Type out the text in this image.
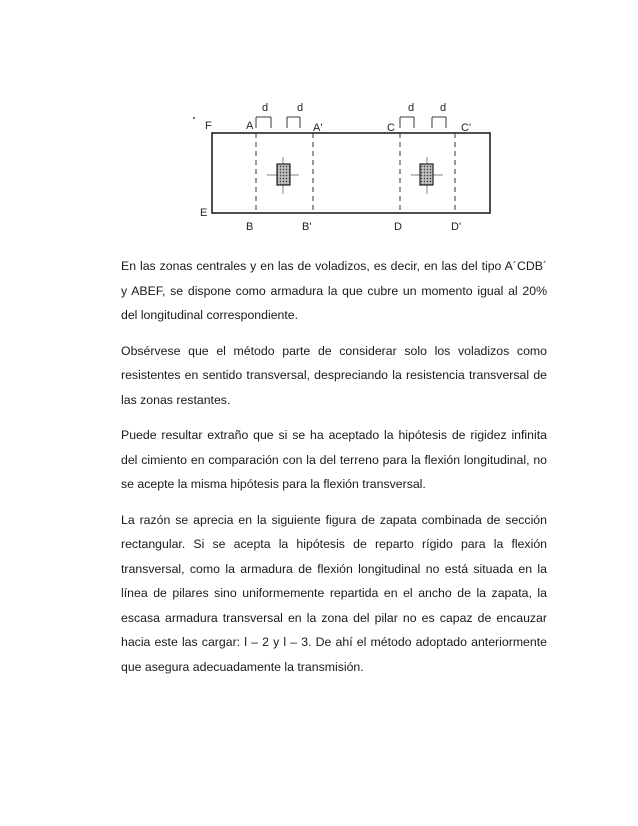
d	d	d d
F	A	A'	C	C'
E
B	B'	D	D'

En las zonas centrales y en las de voladizos, es decir, en las del tipo A´CDB´ y ABEF, se dispone como armadura la que cubre un momento igual al 20% del longitudinal correspondiente.

Obsérvese que el método parte de considerar solo los voladizos como resistentes en sentido transversal, despreciando la resistencia transversal de las zonas restantes.

Puede resultar extraño que si se ha aceptado la hipótesis de rigidez infinita del cimiento en comparación con la del terreno para la flexión longitudinal, no se acepte la misma hipótesis para la flexión transversal.

La razón se aprecia en la siguiente figura de zapata combinada de sección rectangular. Si se acepta la hipótesis de reparto rígido para la flexión transversal, como la armadura de flexión longitudinal no está situada en la línea de pilares sino uniformemente repartida en el ancho de la zapata, la escasa armadura transversal en la zona del pilar no es capaz de encauzar hacia este las cargar: l – 2 y l – 3. De ahí el método adoptado anteriormente que asegura adecuadamente la transmisión.
